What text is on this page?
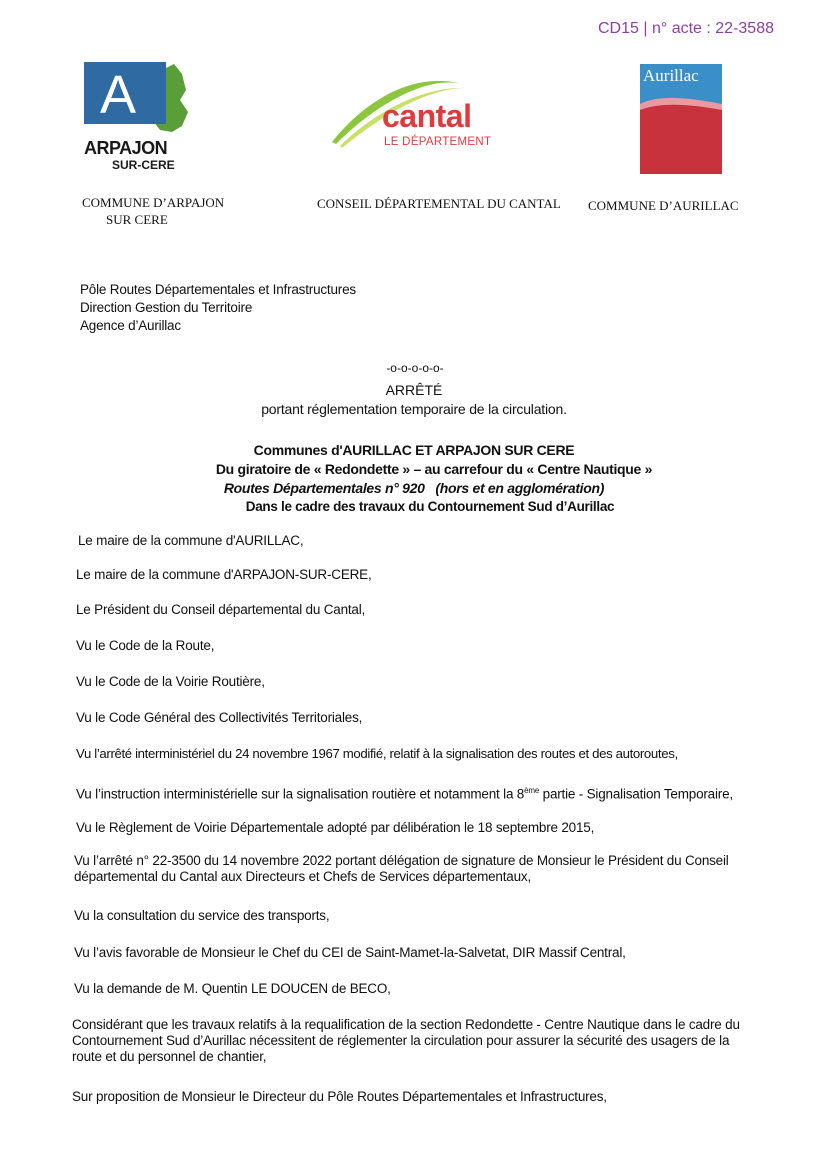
CD15 | n° acte : 22-3588
A
ARPAJON
SUR-CERE
COMMUNE D’ARPAJON
SUR CERE
cantal
LE DÉPARTEMENT
CONSEIL DÉPARTEMENTAL DU CANTAL
Aurillac
COMMUNE D’AURILLAC
Pôle Routes Départementales et Infrastructures
Direction Gestion du Territoire
Agence d’Aurillac
-o-o-o-o-o-
ARRÊTÉ
portant réglementation temporaire de la circulation.
Communes d'AURILLAC ET ARPAJON SUR CERE
Du giratoire de « Redondette » – au carrefour du « Centre Nautique »
Routes Départementales n° 920   (hors et en agglomération)
Dans le cadre des travaux du Contournement Sud d’Aurillac
Le maire de la commune d'AURILLAC,
Le maire de la commune d'ARPAJON-SUR-CERE,
Le Président du Conseil départemental du Cantal,
Vu le Code de la Route,
Vu le Code de la Voirie Routière,
Vu le Code Général des Collectivités Territoriales,
Vu l’arrêté interministériel du 24 novembre 1967 modifié, relatif à la signalisation des routes et des autoroutes,
Vu l’instruction interministérielle sur la signalisation routière et notamment la 8ème partie - Signalisation Temporaire,
Vu le Règlement de Voirie Départementale adopté par délibération le 18 septembre 2015,
Vu l’arrêté n° 22-3500 du 14 novembre 2022 portant délégation de signature de Monsieur le Président du Conseil départemental du Cantal aux Directeurs et Chefs de Services départementaux,
Vu la consultation du service des transports,
Vu l’avis favorable de Monsieur le Chef du CEI de Saint-Mamet-la-Salvetat, DIR Massif Central,
Vu la demande de M. Quentin LE DOUCEN de BECO,
Considérant que les travaux relatifs à la requalification de la section Redondette - Centre Nautique dans le cadre du Contournement Sud d’Aurillac nécessitent de réglementer la circulation pour assurer la sécurité des usagers de la route et du personnel de chantier,
Sur proposition de Monsieur le Directeur du Pôle Routes Départementales et Infrastructures,
